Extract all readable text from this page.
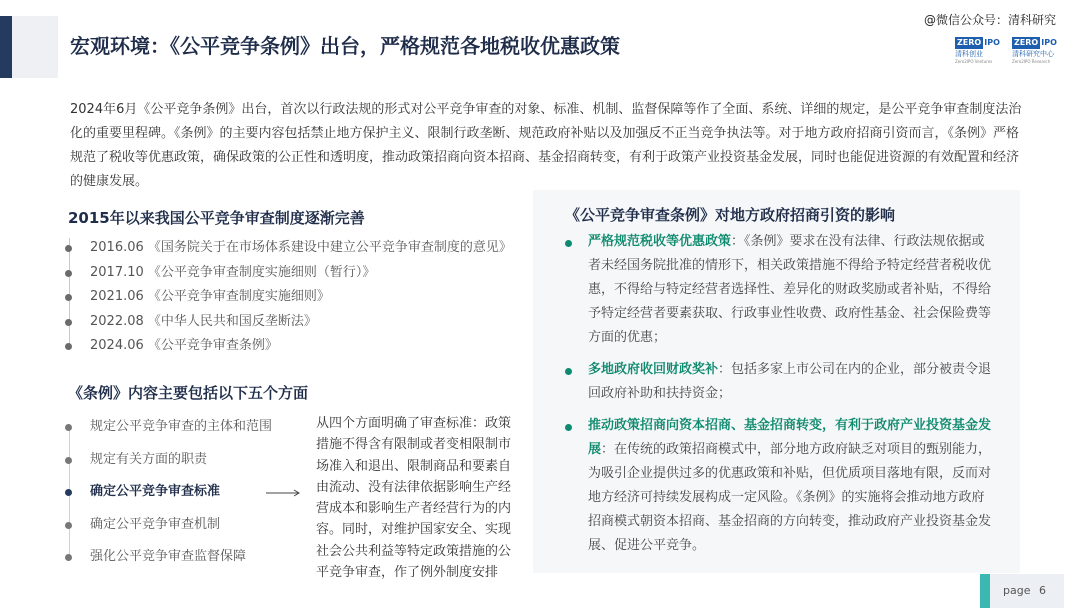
宏观环境：《公平竞争条例》出台，严格规范各地税收优惠政策
@微信公众号：清科研究
ZERO IPO
清科创业
Zero2IPO Ventures
ZERO IPO
清科研究中心
Zero2IPO Research
2024年6月《公平竞争条例》出台，首次以行政法规的形式对公平竞争审查的对象、标准、机制、监督保障等作了全面、系统、详细的规定，是公平竞争审查制度法治化的重要里程碑。《条例》的主要内容包括禁止地方保护主义、限制行政垄断、规范政府补贴以及加强反不正当竞争执法等。对于地方政府招商引资而言，《条例》严格规范了税收等优惠政策，确保政策的公正性和透明度，推动政策招商向资本招商、基金招商转变，有利于政策产业投资基金发展，同时也能促进资源的有效配置和经济的健康发展。
2015年以来我国公平竞争审查制度逐渐完善
2016.06 《国务院关于在市场体系建设中建立公平竞争审查制度的意见》
2017.10 《公平竞争审查制度实施细则（暂行）》
2021.06 《公平竞争审查制度实施细则》
2022.08 《中华人民共和国反垄断法》
2024.06 《公平竞争审查条例》
《条例》内容主要包括以下五个方面
规定公平竞争审查的主体和范围
规定有关方面的职责
确定公平竞争审查标准
确定公平竞争审查机制
强化公平竞争审查监督保障
从四个方面明确了审查标准：政策措施不得含有限制或者变相限制市场准入和退出、限制商品和要素自由流动、没有法律依据影响生产经营成本和影响生产者经营行为的内容。同时，对维护国家安全、实现社会公共利益等特定政策措施的公平竞争审查，作了例外制度安排
《公平竞争审查条例》对地方政府招商引资的影响
严格规范税收等优惠政策：《条例》要求在没有法律、行政法规依据或者未经国务院批准的情形下，相关政策措施不得给予特定经营者税收优惠，不得给与特定经营者选择性、差异化的财政奖励或者补贴，不得给予特定经营者要素获取、行政事业性收费、政府性基金、社会保险费等方面的优惠；
多地政府收回财政奖补：包括多家上市公司在内的企业，部分被责令退回政府补助和扶持资金；
推动政策招商向资本招商、基金招商转变，有利于政府产业投资基金发展：在传统的政策招商模式中，部分地方政府缺乏对项目的甄别能力，为吸引企业提供过多的优惠政策和补贴，但优质项目落地有限，反而对地方经济可持续发展构成一定风险。《条例》的实施将会推动地方政府招商模式朝资本招商、基金招商的方向转变，推动政府产业投资基金发展、促进公平竞争。
page 6
